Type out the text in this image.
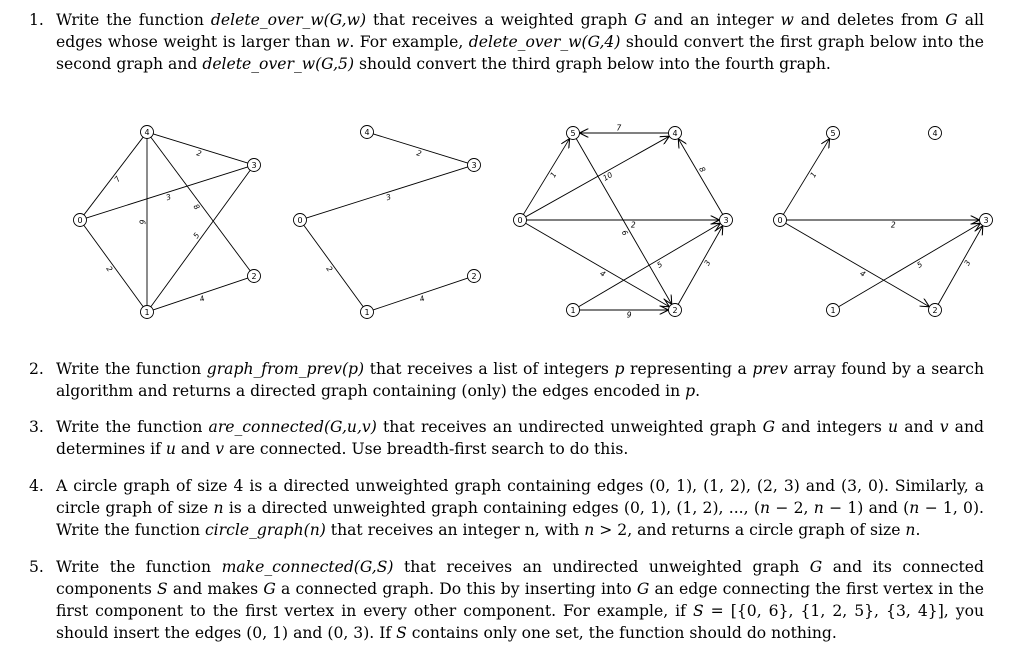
1. Write the function delete_over_w(G,w) that receives a weighted graph G and an integer w and deletes from G all edges whose weight is larger than w. For example, delete_over_w(G,4) should convert the first graph below into the second graph and delete_over_w(G,5) should convert the third graph below into the fourth graph.
7
3
2
2
6
8
5
4
0
1
2
3
4
3
2
2
4
0
1
2
3
4
1
7
10
2
4
6
8
5	3
9
0
1	2
3
4
5
1
2
4
5	3
0
1	2
3
4
5
2. Write the function graph_from_prev(p) that receives a list of integers p representing a prev array found by a search algorithm and returns a directed graph containing (only) the edges encoded in p.
3. Write the function are_connected(G,u,v) that receives an undirected unweighted graph G and integers u and v and determines if u and v are connected. Use breadth-first search to do this.
4. A circle graph of size 4 is a directed unweighted graph containing edges (0, 1), (1, 2), (2, 3) and (3, 0). Similarly, a circle graph of size n is a directed unweighted graph containing edges (0, 1), (1, 2), ..., (n − 2, n − 1) and (n − 1, 0). Write the function circle_graph(n) that receives an integer n, with n > 2, and returns a circle graph of size n.
5. Write the function make_connected(G,S) that receives an undirected unweighted graph G and its connected components S and makes G a connected graph. Do this by inserting into G an edge connecting the first vertex in the first component to the first vertex in every other component. For example, if S = [{0, 6}, {1, 2, 5}, {3, 4}], you should insert the edges (0, 1) and (0, 3). If S contains only one set, the function should do nothing.
